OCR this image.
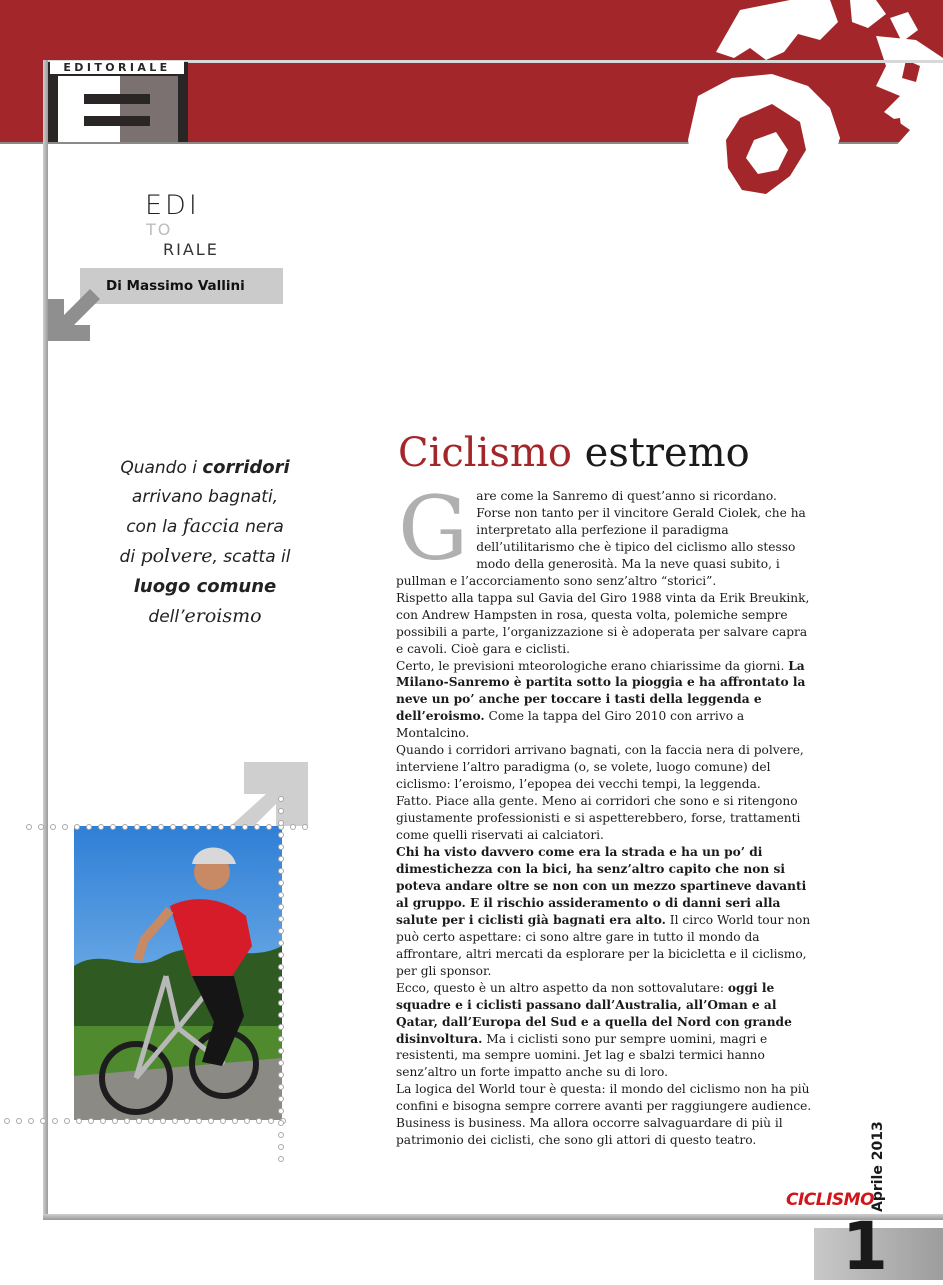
EDITORIALE
EDI
TO
RIALE
Di Massimo Vallini
Quando i corridori
arrivano bagnati,
con la faccia nera
di polvere, scatta il
luogo comune
dell’eroismo
Ciclismo estremo

Gare come la Sanremo di quest’anno si ricordano. Forse non tanto per il vincitore Gerald Ciolek, che ha interpretato alla perfezione il paradigma dell’utilitarismo che è tipico del ciclismo allo stesso modo della generosità. Ma la neve quasi subito, i pullman e l’accorciamento sono senz’altro “storici”.

Rispetto alla tappa sul Gavia del Giro 1988 vinta da Erik Breukink, con Andrew Hampsten in rosa, questa volta, polemiche sempre possibili a parte, l’organizzazione si è adoperata per salvare capra e cavoli. Cioè gara e ciclisti.

Certo, le previsioni mteorologiche erano chiarissime da giorni. La Milano-Sanremo è partita sotto la pioggia e ha affrontato la neve un po’ anche per toccare i tasti della leggenda e dell’eroismo. Come la tappa del Giro 2010 con arrivo a Montalcino.

Quando i corridori arrivano bagnati, con la faccia nera di polvere, interviene l’altro paradigma (o, se volete, luogo comune) del ciclismo: l’eroismo, l’epopea dei vecchi tempi, la leggenda.

Fatto. Piace alla gente. Meno ai corridori che sono e si ritengono giustamente professionisti e si aspetterebbero, forse, trattamenti come quelli riservati ai calciatori.

Chi ha visto davvero come era la strada e ha un po’ di dimestichezza con la bici, ha senz’altro capito che non si poteva andare oltre se non con un mezzo spartineve davanti al gruppo. E il rischio assideramento o di danni seri alla salute per i ciclisti già bagnati era alto. Il circo World tour non può certo aspettare: ci sono altre gare in tutto il mondo da affrontare, altri mercati da esplorare per la bicicletta e il ciclismo, per gli sponsor.

Ecco, questo è un altro aspetto da non sottovalutare: oggi le squadre e i ciclisti passano dall’Australia, all’Oman e al Qatar, dall’Europa del Sud e a quella del Nord con grande disinvoltura. Ma i ciclisti sono pur sempre uomini, magri e resistenti, ma sempre uomini. Jet lag e sbalzi termici hanno senz’altro un forte impatto anche su di loro.

La logica del World tour è questa: il mondo del ciclismo non ha più confini e bisogna sempre correre avanti per raggiungere audience. Business is business. Ma allora occorre salvaguardare di più il patrimonio dei ciclisti, che sono gli attori di questo teatro.

CICLISMO
Aprile 2013
1
